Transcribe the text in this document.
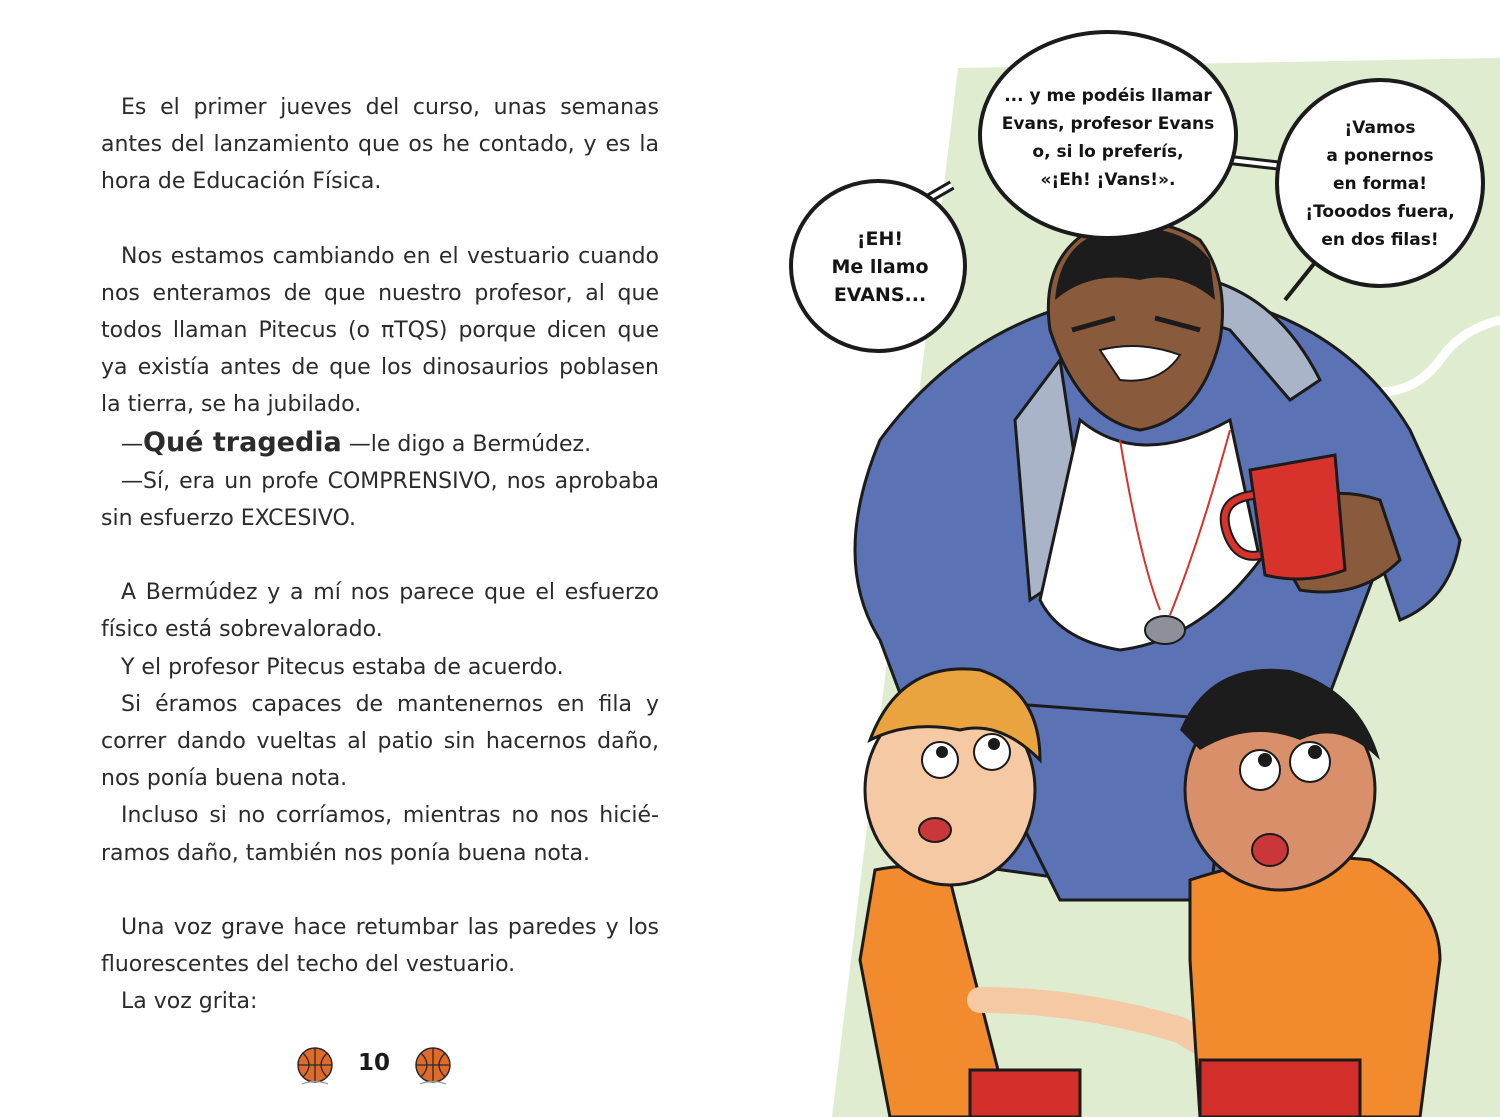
Es el primer jueves del curso, unas semanas antes del lanzamiento que os he contado, y es la hora de Educación Física.

Nos estamos cambiando en el vestuario cuando nos enteramos de que nuestro profesor, al que todos llaman Pitecus (o πTQS) porque dicen que ya existía antes de que los dinosaurios poblasen la tierra, se ha jubilado.

—Qué tragedia —le digo a Bermúdez.

—Sí, era un profe COMPRENSIVO, nos aprobaba sin esfuerzo EXCESIVO.

A Bermúdez y a mí nos parece que el esfuerzo físico está sobrevalorado.

Y el profesor Pitecus estaba de acuerdo.

Si éramos capaces de mantenernos en fila y correr dando vueltas al patio sin hacernos daño, nos ponía buena nota.

Incluso si no corríamos, mientras no nos hicié-ramos daño, también nos ponía buena nota.

Una voz grave hace retumbar las paredes y los fluorescentes del techo del vestuario.

La voz grita:

10
¡EH!
Me llamo
EVANS...
... y me podéis llamar
Evans, profesor Evans
o, si lo preferís,
«¡Eh! ¡Vans!».
¡Vamos
a ponernos
en forma!
¡Tooodos fuera,
en dos filas!
